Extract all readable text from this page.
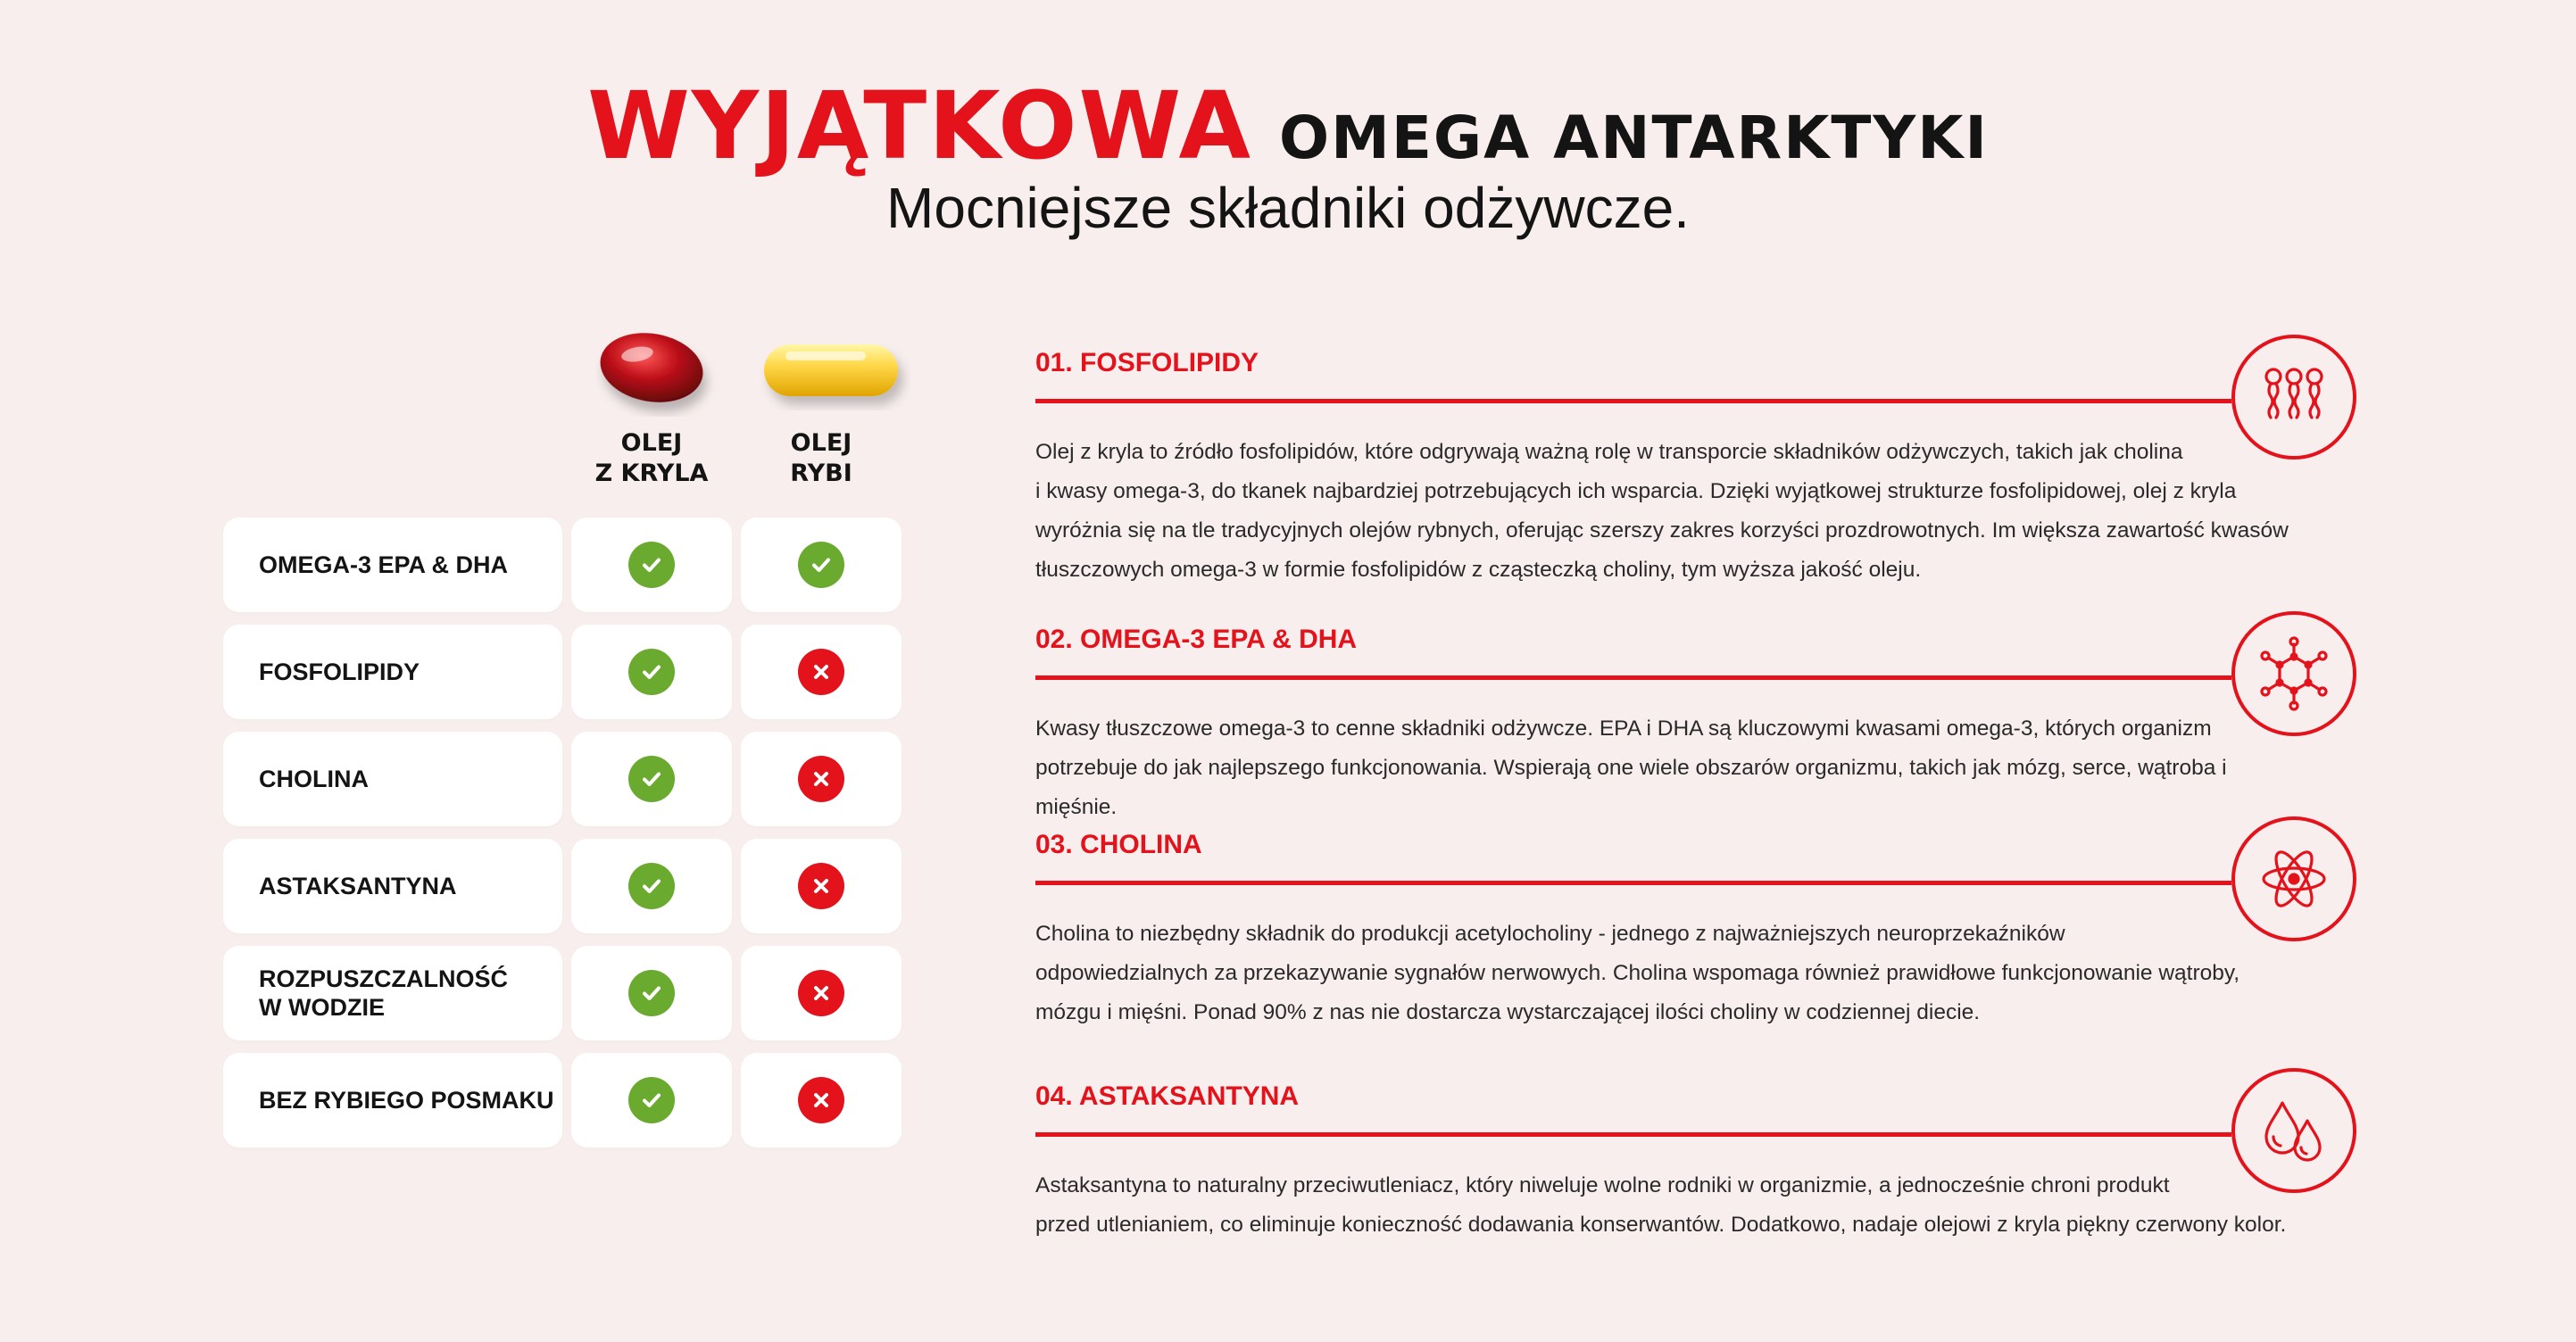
WYJĄTKOWA OMEGA ANTARKTYKI
Mocniejsze składniki odżywcze.
OLEJ
Z KRYLA
OLEJ
RYBI
OMEGA-3 EPA & DHA
FOSFOLIPIDY
CHOLINA
ASTAKSANTYNA
ROZPUSZCZALNOŚĆ
W WODZIE
BEZ RYBIEGO POSMAKU
01. FOSFOLIPIDY
Olej z kryla to źródło fosfolipidów, które odgrywają ważną rolę w transporcie składników odżywczych, takich jak cholina
i kwasy omega-3, do tkanek najbardziej potrzebujących ich wsparcia. Dzięki wyjątkowej strukturze fosfolipidowej, olej z kryla
wyróżnia się na tle tradycyjnych olejów rybnych, oferując szerszy zakres korzyści prozdrowotnych. Im większa zawartość kwasów
tłuszczowych omega-3 w formie fosfolipidów z cząsteczką choliny, tym wyższa jakość oleju.
02. OMEGA-3 EPA & DHA
Kwasy tłuszczowe omega-3 to cenne składniki odżywcze. EPA i DHA są kluczowymi kwasami omega-3, których organizm
potrzebuje do jak najlepszego funkcjonowania. Wspierają one wiele obszarów organizmu, takich jak mózg, serce, wątroba i mięśnie.
03. CHOLINA
Cholina to niezbędny składnik do produkcji acetylocholiny - jednego z najważniejszych neuroprzekaźników
odpowiedzialnych za przekazywanie sygnałów nerwowych. Cholina wspomaga również prawidłowe funkcjonowanie wątroby,
mózgu i mięśni. Ponad 90% z nas nie dostarcza wystarczającej ilości choliny w codziennej diecie.
04. ASTAKSANTYNA
Astaksantyna to naturalny przeciwutleniacz, który niweluje wolne rodniki w organizmie, a jednocześnie chroni produkt
przed utlenianiem, co eliminuje konieczność dodawania konserwantów. Dodatkowo, nadaje olejowi z kryla piękny czerwony kolor.
